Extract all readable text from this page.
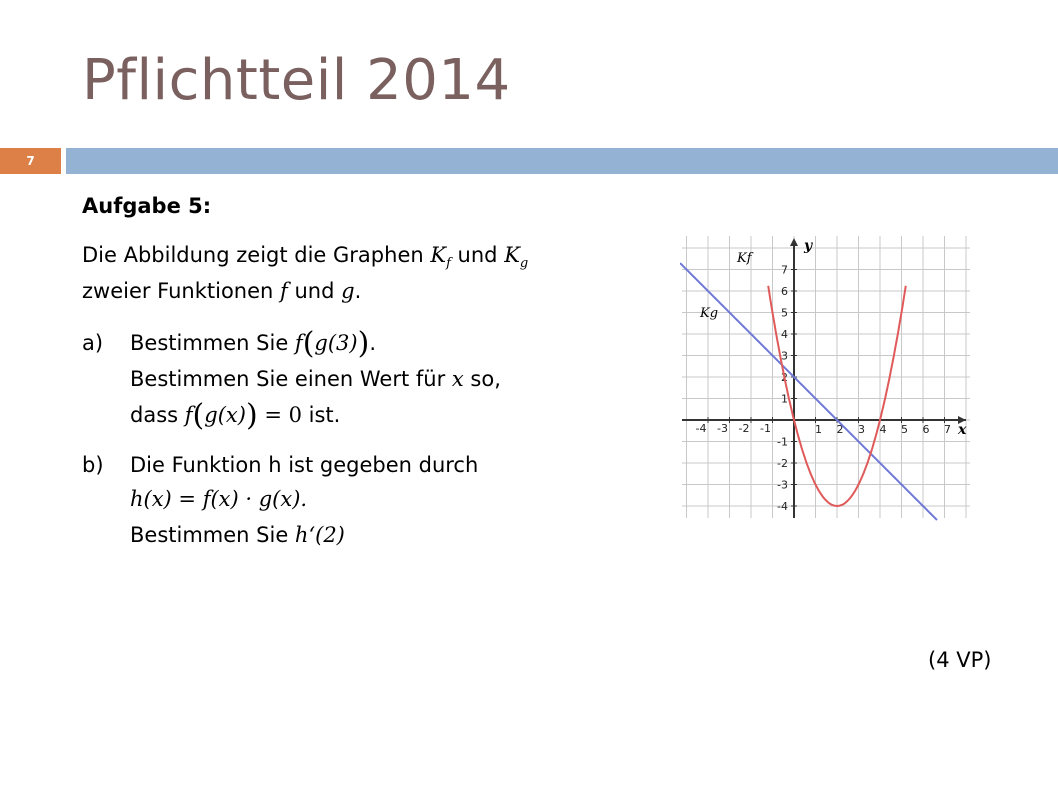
Pflichtteil 2014
7
Aufgabe 5:
Die Abbildung zeigt die Graphen $K_f$ und $K_g$
zweier Funktionen f und g.
a) Bestimmen Sie f(g(3)).
Bestimmen Sie einen Wert für x so,
dass f(g(x)) = 0 ist.
b) Die Funktion h ist gegeben durch
h(x) = f(x) · g(x).
Bestimmen Sie h‘(2)
(4 VP)
-4 -3 -2 -1	1 2 3 4 5 6 7
7
6
5
4
3
2
1
-1
-2
-3
-4
Kf
Kg
x
y
